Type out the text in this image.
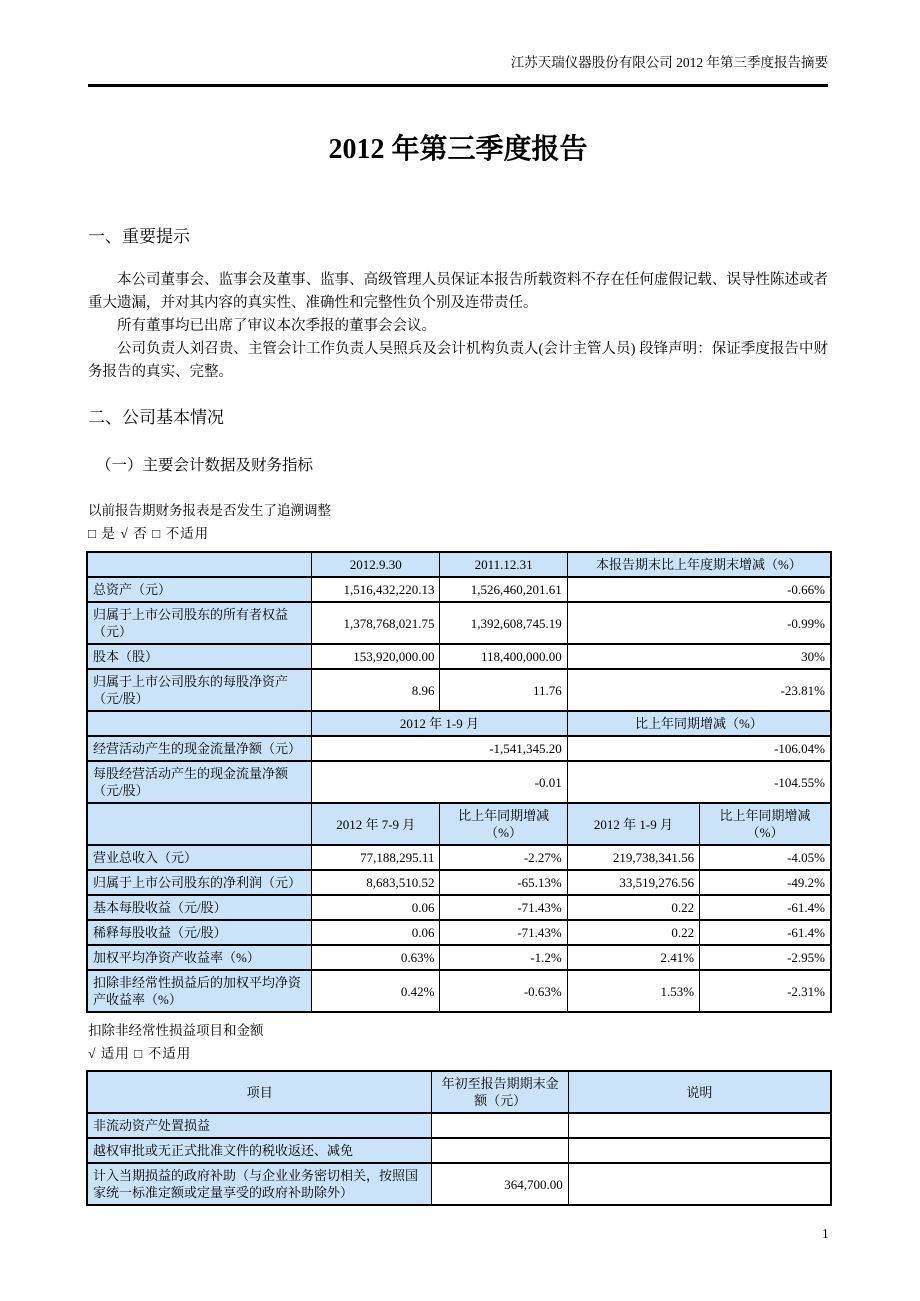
江苏天瑞仪器股份有限公司 2012 年第三季度报告摘要
2012 年第三季度报告
一、重要提示

本公司董事会、监事会及董事、监事、高级管理人员保证本报告所载资料不存在任何虚假记载、误导性陈述或者重大遗漏，并对其内容的真实性、准确性和完整性负个别及连带责任。

所有董事均已出席了审议本次季报的董事会会议。

公司负责人刘召贵、主管会计工作负责人吴照兵及会计机构负责人(会计主管人员) 段锋声明：保证季度报告中财务报告的真实、完整。

二、公司基本情况
（一）主要会计数据及财务指标
以前报告期财务报表是否发生了追溯调整
□ 是 √ 否 □ 不适用
	2012.9.30	2011.12.31	本报告期末比上年度期末增减（%）	
总资产（元）	1,516,432,220.13	1,526,460,201.61	-0.66%	
归属于上市公司股东的所有者权益（元）	1,378,768,021.75	1,392,608,745.19	-0.99%	
股本（股）	153,920,000.00	118,400,000.00	30%	
归属于上市公司股东的每股净资产（元/股）	8.96	11.76	-23.81%	
	2012 年 1-9 月		比上年同期增减（%）	
经营活动产生的现金流量净额（元）	-1,541,345.20		-106.04%	
每股经营活动产生的现金流量净额（元/股）	-0.01		-104.55%	
	2012 年 7-9 月	比上年同期增减（%）	2012 年 1-9 月	比上年同期增减（%）
营业总收入（元）	77,188,295.11	-2.27%	219,738,341.56	-4.05%
归属于上市公司股东的净利润（元）	8,683,510.52	-65.13%	33,519,276.56	-49.2%
基本每股收益（元/股）	0.06	-71.43%	0.22	-61.4%
稀释每股收益（元/股）	0.06	-71.43%	0.22	-61.4%
加权平均净资产收益率（%）	0.63%	-1.2%	2.41%	-2.95%
扣除非经常性损益后的加权平均净资产收益率（%）	0.42%	-0.63%	1.53%	-2.31%
扣除非经常性损益项目和金额
√ 适用 □ 不适用
项目	年初至报告期期末金额（元）	说明
非流动资产处置损益		
越权审批或无正式批准文件的税收返还、减免		
计入当期损益的政府补助（与企业业务密切相关，按照国家统一标准定额或定量享受的政府补助除外）	364,700.00	
1
